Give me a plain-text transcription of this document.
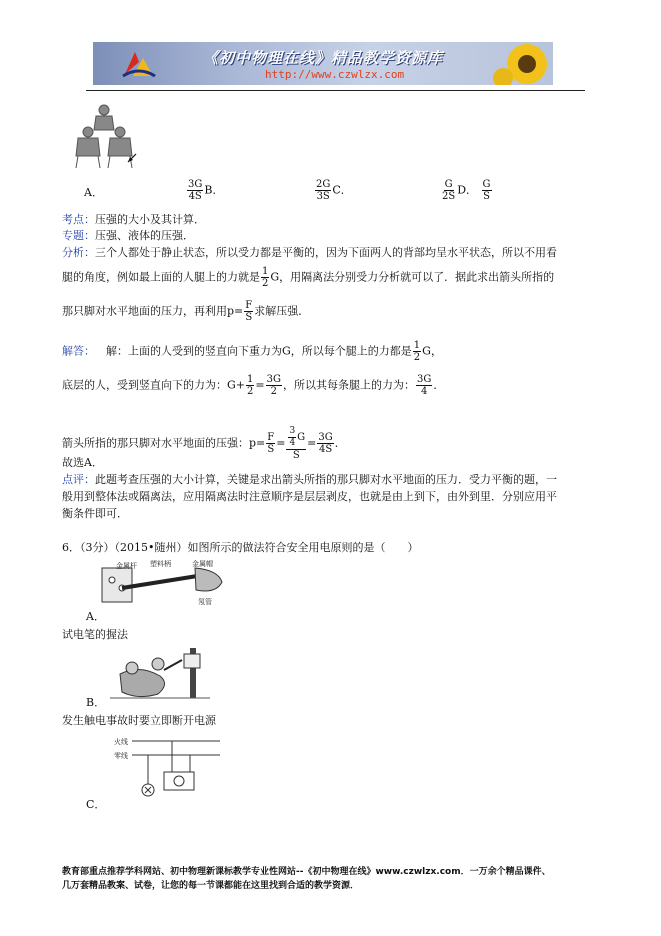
《初中物理在线》精品教学资源库
http://www.czwlzx.com
A．	$\frac{3G}{4S}$ B．	$\frac{2G}{3S}$ C．	$\frac{G}{2S}$ D． $\frac{G}{S}$
考点：压强的大小及其计算．
专题：压强、液体的压强．
分析：三个人都处于静止状态，所以受力都是平衡的，因为下面两人的背部均呈水平状态，所以不用看
腿的角度，例如最上面的人腿上的力就是 $\frac{1}{2}$ G，用隔离法分别受力分析就可以了．据此求出箭头所指的
那只脚对水平地面的压力，再利用$p= \frac{F}{S}$ 求解压强．
解答：  解：上面的人受到的竖直向下重力为G，所以每个腿上的力都是 $\frac{1}{2}$ G，
底层的人，受到竖直向下的力为：$G+ \frac{1}{2} = \frac{3G}{2}$ ，所以其每条腿上的力为： $\frac{3G}{4}$ ．
箭头所指的那只脚对水平地面的压强：$p= \frac{F}{S} = \frac{\frac{3}{4} G}{S} = \frac{3G}{4S}$ ．
故选A．
点评：此题考查压强的大小计算，关键是求出箭头所指的那只脚对水平地面的压力．受力平衡的题，一
般用到整体法或隔离法，应用隔离法时注意顺序是层层剥皮，也就是由上到下，由外到里．分别应用平
衡条件即可．
6．（3分）（2015•随州）如图所示的做法符合安全用电原则的是（　　）
金属杆 塑料柄	金属帽
氖管
A．
试电笔的握法
B．
发生触电事故时要立即断开电源
火线
零线
C．
教育部重点推荐学科网站、初中物理新课标教学专业性网站--《初中物理在线》www.czwlzx.com．一万余个精品课件、
几万套精品教案、试卷，让您的每一节课都能在这里找到合适的教学资源．
